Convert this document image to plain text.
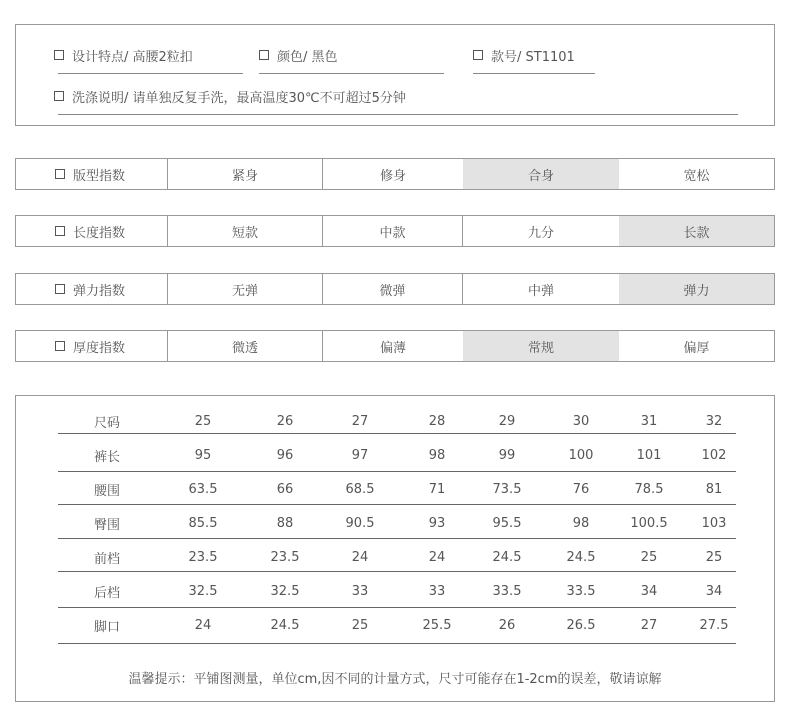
设计特点/ 高腰2粒扣	颜色/ 黑色	款号/ ST1101
洗涤说明/ 请单独反复手洗，最高温度30℃不可超过5分钟
版型指数	紧身	修身	合身	宽松
长度指数	短款	中款	九分	长款
弹力指数	无弹	微弹	中弹	弹力
厚度指数	微透	偏薄	常规	偏厚
尺码	25	26	27	28	29	30	31	32
裤长	95	96	97	98	99	100	101	102
腰围	63.5	66	68.5	71	73.5	76	78.5	81
臀围	85.5	88	90.5	93	95.5	98	100.5	103
前档	23.5	23.5	24	24	24.5	24.5	25	25
后档	32.5	32.5	33	33	33.5	33.5	34	34
脚口	24	24.5	25	25.5	26	26.5	27	27.5
温馨提示：平铺图测量，单位cm,因不同的计量方式，尺寸可能存在1-2cm的误差，敬请谅解
